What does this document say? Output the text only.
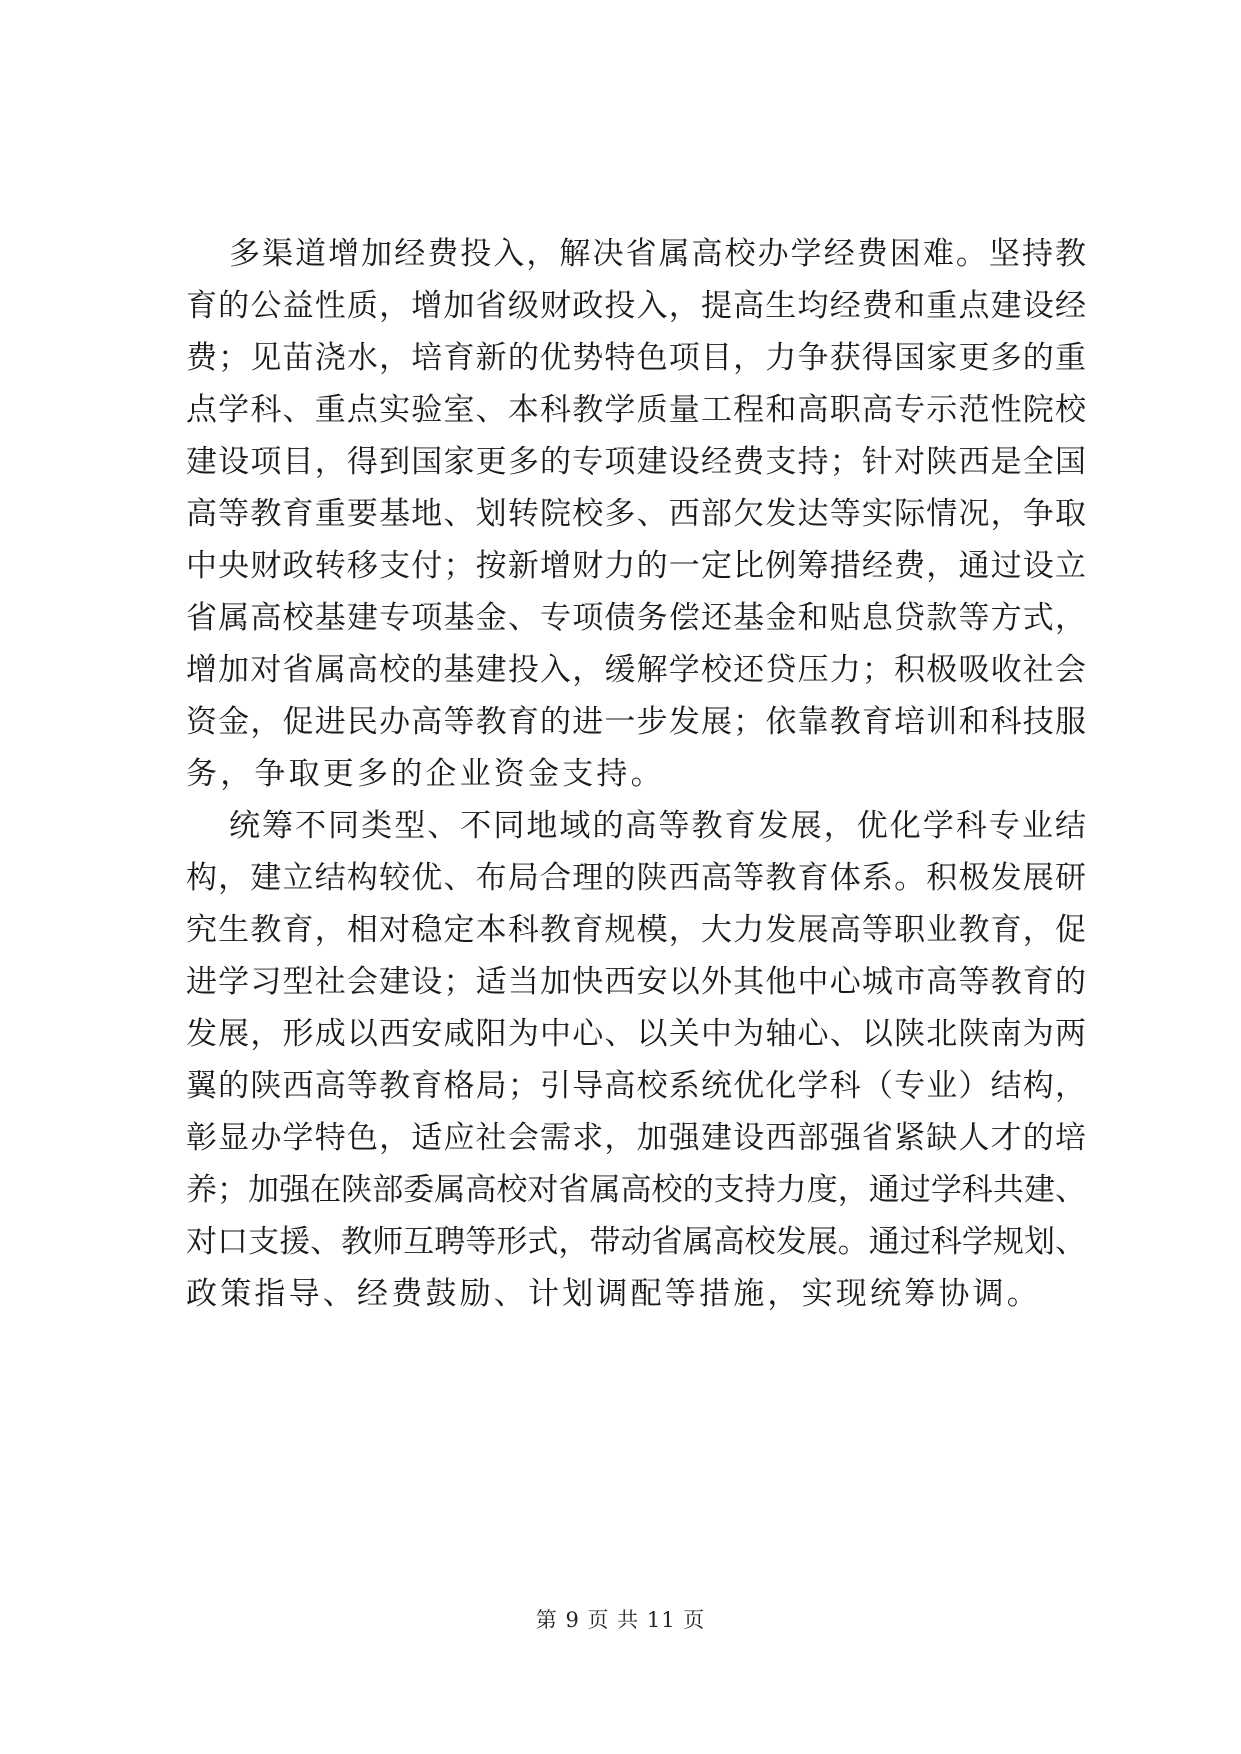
多渠道增加经费投入，解决省属高校办学经费困难。坚持教
育的公益性质，增加省级财政投入，提高生均经费和重点建设经
费；见苗浇水，培育新的优势特色项目，力争获得国家更多的重
点学科、重点实验室、本科教学质量工程和高职高专示范性院校
建设项目，得到国家更多的专项建设经费支持；针对陕西是全国
高等教育重要基地、划转院校多、西部欠发达等实际情况，争取
中央财政转移支付；按新增财力的一定比例筹措经费，通过设立
省属高校基建专项基金、专项债务偿还基金和贴息贷款等方式，
增加对省属高校的基建投入，缓解学校还贷压力；积极吸收社会
资金，促进民办高等教育的进一步发展；依靠教育培训和科技服
务，争取更多的企业资金支持。
统筹不同类型、不同地域的高等教育发展，优化学科专业结
构，建立结构较优、布局合理的陕西高等教育体系。积极发展研
究生教育，相对稳定本科教育规模，大力发展高等职业教育，促
进学习型社会建设；适当加快西安以外其他中心城市高等教育的
发展，形成以西安咸阳为中心、以关中为轴心、以陕北陕南为两
翼的陕西高等教育格局；引导高校系统优化学科（专业）结构，
彰显办学特色，适应社会需求，加强建设西部强省紧缺人才的培
养；加强在陕部委属高校对省属高校的支持力度，通过学科共建、
对口支援、教师互聘等形式，带动省属高校发展。通过科学规划、
政策指导、经费鼓励、计划调配等措施，实现统筹协调。
第 9 页 共 11 页
